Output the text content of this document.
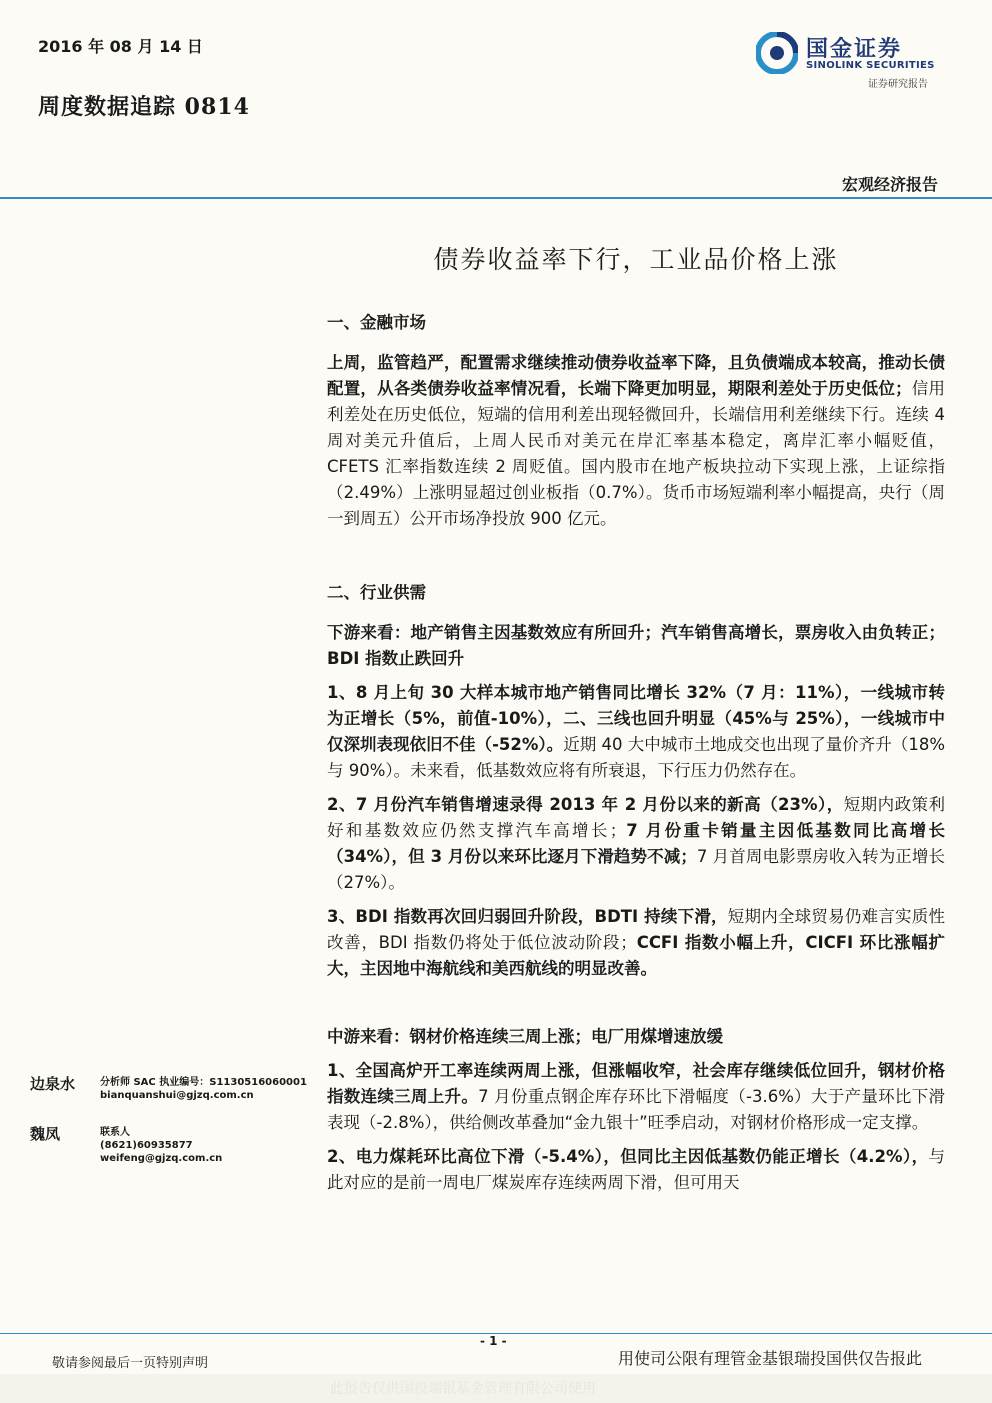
2016 年 08 月 14 日
周度数据追踪 0814
国金证券
SINOLINK SECURITIES
证券研究报告
宏观经济报告
债券收益率下行，工业品价格上涨

一、金融市场

上周，监管趋严，配置需求继续推动债券收益率下降，且负债端成本较高，推动长债配置，从各类债券收益率情况看，长端下降更加明显，期限利差处于历史低位；信用利差处在历史低位，短端的信用利差出现轻微回升，长端信用利差继续下行。连续 4 周对美元升值后，上周人民币对美元在岸汇率基本稳定，离岸汇率小幅贬值， CFETS 汇率指数连续 2 周贬值。国内股市在地产板块拉动下实现上涨，上证综指（2.49%）上涨明显超过创业板指（0.7%）。货币市场短端利率小幅提高，央行（周一到周五）公开市场净投放 900 亿元。

二、行业供需

下游来看：地产销售主因基数效应有所回升；汽车销售高增长，票房收入由负转正；BDI 指数止跌回升

1、8 月上旬 30 大样本城市地产销售同比增长 32%（7 月：11%），一线城市转为正增长（5%，前值-10%），二、三线也回升明显（45%与 25%），一线城市中仅深圳表现依旧不佳（-52%）。近期 40 大中城市土地成交也出现了量价齐升（18%与 90%）。未来看，低基数效应将有所衰退，下行压力仍然存在。

2、7 月份汽车销售增速录得 2013 年 2 月份以来的新高（23%），短期内政策利好和基数效应仍然支撑汽车高增长；7 月份重卡销量主因低基数同比高增长（34%），但 3 月份以来环比逐月下滑趋势不减；7 月首周电影票房收入转为正增长（27%）。

3、BDI 指数再次回归弱回升阶段，BDTI 持续下滑，短期内全球贸易仍难言实质性改善，BDI 指数仍将处于低位波动阶段；CCFI 指数小幅上升，CICFI 环比涨幅扩大，主因地中海航线和美西航线的明显改善。

中游来看：钢材价格连续三周上涨；电厂用煤增速放缓

1、全国高炉开工率连续两周上涨，但涨幅收窄，社会库存继续低位回升，钢材价格指数连续三周上升。7 月份重点钢企库存环比下滑幅度（-3.6%）大于产量环比下滑表现（-2.8%），供给侧改革叠加“金九银十”旺季启动，对钢材价格形成一定支撑。

2、电力煤耗环比高位下滑（-5.4%），但同比主因低基数仍能正增长（4.2%），与此对应的是前一周电厂煤炭库存连续两周下滑，但可用天

边泉水 分析师 SAC 执业编号：S1130516060001
bianquanshui@gjzq.com.cn
魏凤	联系人
(8621)60935877
weifeng@gjzq.com.cn
- 1 -
敬请参阅最后一页特别声明	用使司公限有理管金基银瑞投国供仅告报此
此报告仅供国投瑞银基金管理有限公司使用
